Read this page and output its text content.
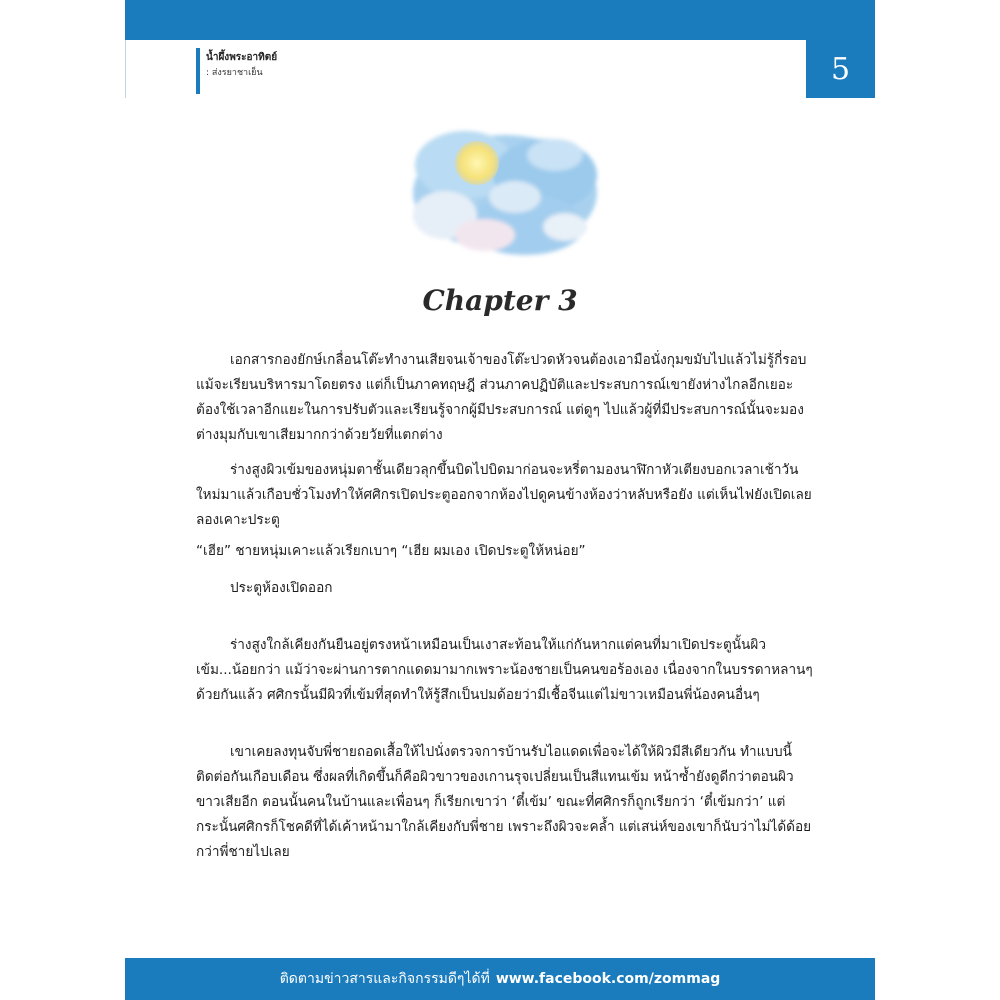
5
น้ำผึ้งพระอาทิตย์
: ส่งรยาชาเย็น
Chapter 3

เอกสารกองยักษ์เกลื่อนโต๊ะทำงานเสียจนเจ้าของโต๊ะปวดหัวจนต้องเอามือนั่งกุมขมับไปแล้วไม่รู้กี่รอบ แม้จะเรียนบริหารมาโดยตรง แต่ก็เป็นภาคทฤษฎี ส่วนภาคปฏิบัติและประสบการณ์เขายังห่างไกลอีกเยอะ ต้องใช้เวลาอีกแยะในการปรับตัวและเรียนรู้จากผู้มีประสบการณ์ แต่ดูๆ ไปแล้วผู้ที่มีประสบการณ์นั้นจะมองต่างมุมกับเขาเสียมากกว่าด้วยวัยที่แตกต่าง

ร่างสูงผิวเข้มของหนุ่มตาชั้นเดียวลุกขึ้นบิดไปบิดมาก่อนจะหรี่ตามองนาฬิกาหัวเตียงบอกเวลาเช้าวันใหม่มาแล้วเกือบชั่วโมงทำให้ศศิกรเปิดประตูออกจากห้องไปดูคนข้างห้องว่าหลับหรือยัง แต่เห็นไฟยังเปิดเลยลองเคาะประตู

“เฮีย” ชายหนุ่มเคาะแล้วเรียกเบาๆ “เฮีย ผมเอง เปิดประตูให้หน่อย”

ประตูห้องเปิดออก

ร่างสูงใกล้เคียงกันยืนอยู่ตรงหน้าเหมือนเป็นเงาสะท้อนให้แก่กันหากแต่คนที่มาเปิดประตูนั้นผิวเข้ม...น้อยกว่า แม้ว่าจะผ่านการตากแดดมามากเพราะน้องชายเป็นคนขอร้องเอง เนื่องจากในบรรดาหลานๆ ด้วยกันแล้ว ศศิกรนั้นมีผิวที่เข้มที่สุดทำให้รู้สึกเป็นปมด้อยว่ามีเชื้อจีนแต่ไม่ขาวเหมือนพี่น้องคนอื่นๆ

เขาเคยลงทุนจับพี่ชายถอดเสื้อให้ไปนั่งตรวจการบ้านรับไอแดดเพื่อจะได้ให้ผิวมีสีเดียวกัน ทำแบบนี้ติดต่อกันเกือบเดือน ซึ่งผลที่เกิดขึ้นก็คือผิวขาวของเกานรุจเปลี่ยนเป็นสีแทนเข้ม หน้าซ้ำยังดูดีกว่าตอนผิวขาวเสียอีก ตอนนั้นคนในบ้านและเพื่อนๆ ก็เรียกเขาว่า ‘ตี๋เข้ม’ ขณะที่ศศิกรก็ถูกเรียกว่า ‘ตี๋เข้มกว่า’ แต่กระนั้นศศิกรก็โชคดีที่ได้เค้าหน้ามาใกล้เคียงกับพี่ชาย เพราะถึงผิวจะคล้ำ แต่เสน่ห์ของเขาก็นับว่าไม่ได้ด้อยกว่าพี่ชายไปเลย

ติดตามข่าวสารและกิจกรรมดีๆได้ที่ www.facebook.com/zommag
